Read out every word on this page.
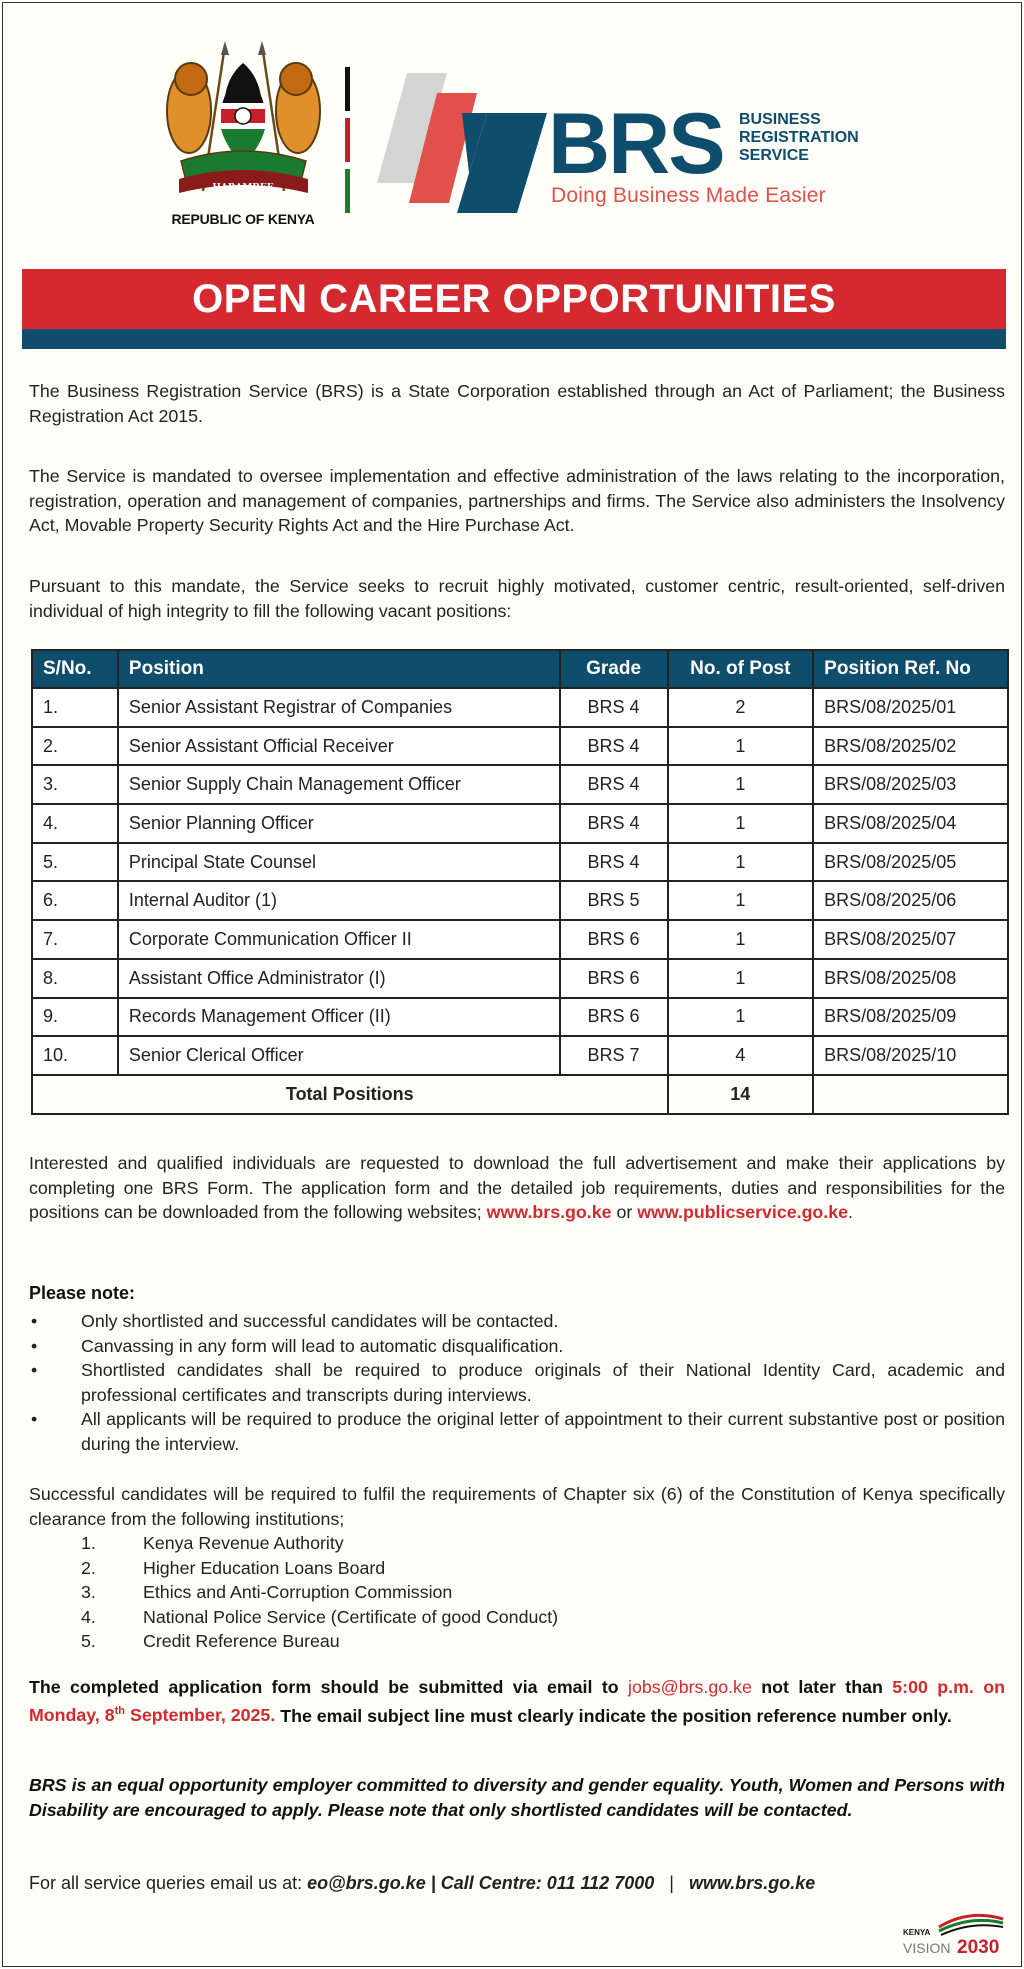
HARAMBEE
REPUBLIC OF KENYA
BRS BUSINESS
REGISTRATION
SERVICE
Doing Business Made Easier
OPEN CAREER OPPORTUNITIES

The Business Registration Service (BRS) is a State Corporation established through an Act of Parliament; the Business Registration Act 2015.

The Service is mandated to oversee implementation and effective administration of the laws relating to the incorporation, registration, operation and management of companies, partnerships and firms. The Service also administers the Insolvency Act, Movable Property Security Rights Act and the Hire Purchase Act.

Pursuant to this mandate, the Service seeks to recruit highly motivated, customer centric, result-oriented, self-driven individual of high integrity to fill the following vacant positions:

S/No.	Position	Grade	No. of Post	Position Ref. No
1.	Senior Assistant Registrar of Companies	BRS 4	2	BRS/08/2025/01
2.	Senior Assistant Official Receiver	BRS 4	1	BRS/08/2025/02
3.	Senior Supply Chain Management Officer	BRS 4	1	BRS/08/2025/03
4.	Senior Planning Officer	BRS 4	1	BRS/08/2025/04
5.	Principal State Counsel	BRS 4	1	BRS/08/2025/05
6.	Internal Auditor (1)	BRS 5	1	BRS/08/2025/06
7.	Corporate Communication Officer II	BRS 6	1	BRS/08/2025/07
8.	Assistant Office Administrator (I)	BRS 6	1	BRS/08/2025/08
9.	Records Management Officer (II)	BRS 6	1	BRS/08/2025/09
10.	Senior Clerical Officer	BRS 7	4	BRS/08/2025/10
Total Positions			14	

Interested and qualified individuals are requested to download the full advertisement and make their applications by completing one BRS Form. The application form and the detailed job requirements, duties and responsibilities for the positions can be downloaded from the following websites; www.brs.go.ke or www.publicservice.go.ke.

Please note:
• Only shortlisted and successful candidates will be contacted.
• Canvassing in any form will lead to automatic disqualification.
• Shortlisted candidates shall be required to produce originals of their National Identity Card, academic and professional certificates and transcripts during interviews.
• All applicants will be required to produce the original letter of appointment to their current substantive post or position during the interview.

Successful candidates will be required to fulfil the requirements of Chapter six (6) of the Constitution of Kenya specifically clearance from the following institutions;

1.	Kenya Revenue Authority
2.	Higher Education Loans Board
3.	Ethics and Anti-Corruption Commission
4.	National Police Service (Certificate of good Conduct)
5.	Credit Reference Bureau

The completed application form should be submitted via email to jobs@brs.go.ke not later than 5:00 p.m. on Monday, 8th September, 2025. The email subject line must clearly indicate the position reference number only.

BRS is an equal opportunity employer committed to diversity and gender equality. Youth, Women and Persons with Disability are encouraged to apply. Please note that only shortlisted candidates will be contacted.

For all service queries email us at: eo@brs.go.ke | Call Centre: 011 112 7000 | www.brs.go.ke
KENYA
VISION 2030
